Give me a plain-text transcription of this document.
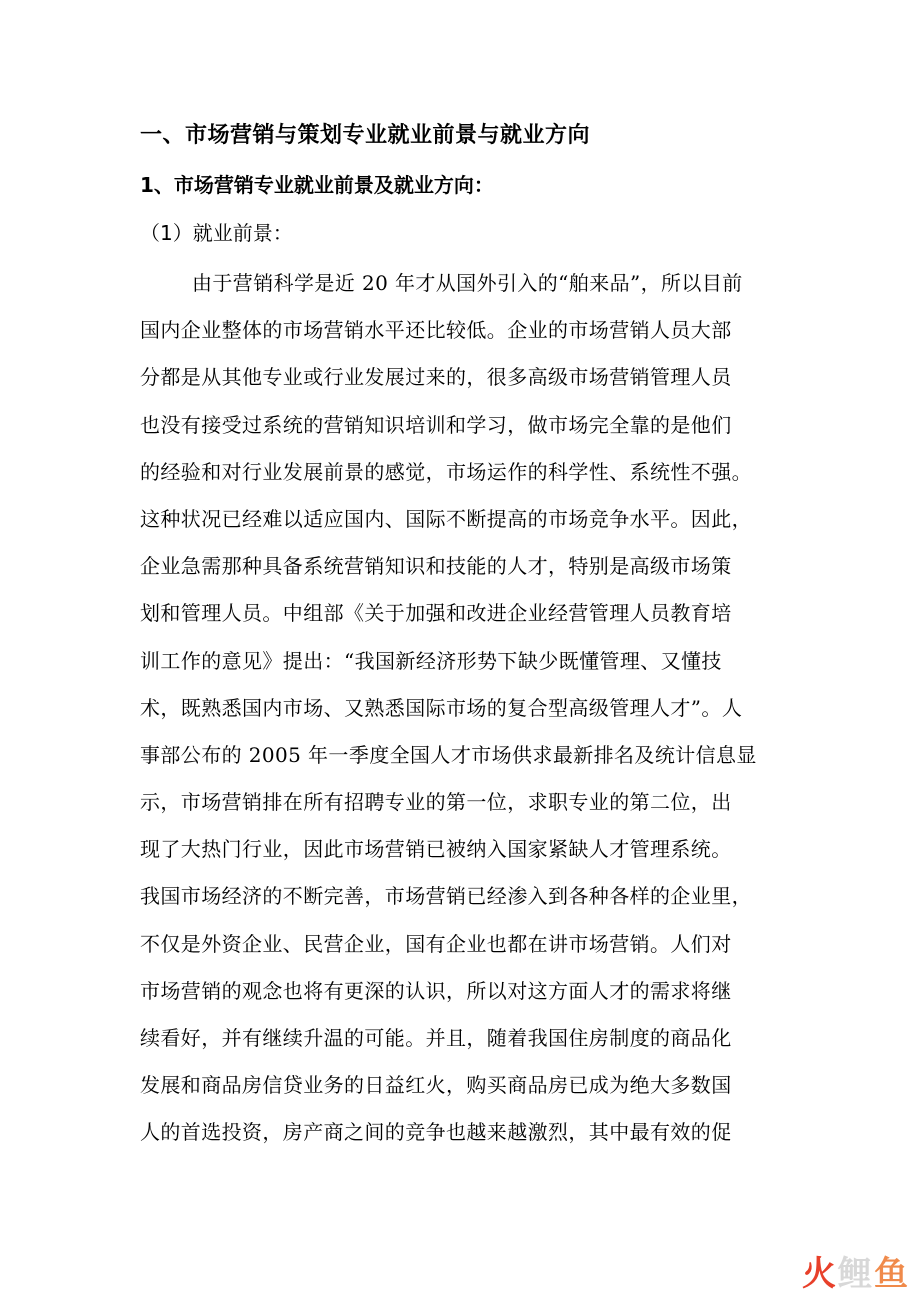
一、市场营销与策划专业就业前景与就业方向
1、市场营销专业就业前景及就业方向：
（1）就业前景：
由于营销科学是近 20 年才从国外引入的“舶来品”，所以目前
国内企业整体的市场营销水平还比较低。企业的市场营销人员大部
分都是从其他专业或行业发展过来的，很多高级市场营销管理人员
也没有接受过系统的营销知识培训和学习，做市场完全靠的是他们
的经验和对行业发展前景的感觉，市场运作的科学性、系统性不强。
这种状况已经难以适应国内、国际不断提高的市场竞争水平。因此，
企业急需那种具备系统营销知识和技能的人才，特别是高级市场策
划和管理人员。中组部《关于加强和改进企业经营管理人员教育培
训工作的意见》提出：“我国新经济形势下缺少既懂管理、又懂技
术，既熟悉国内市场、又熟悉国际市场的复合型高级管理人才”。人
事部公布的 2005 年一季度全国人才市场供求最新排名及统计信息显
示，市场营销排在所有招聘专业的第一位，求职专业的第二位，出
现了大热门行业，因此市场营销已被纳入国家紧缺人才管理系统。
我国市场经济的不断完善，市场营销已经渗入到各种各样的企业里，
不仅是外资企业、民营企业，国有企业也都在讲市场营销。人们对
市场营销的观念也将有更深的认识，所以对这方面人才的需求将继
续看好，并有继续升温的可能。并且，随着我国住房制度的商品化
发展和商品房信贷业务的日益红火，购买商品房已成为绝大多数国
人的首选投资，房产商之间的竞争也越来越激烈，其中最有效的促
火 鲤 鱼
